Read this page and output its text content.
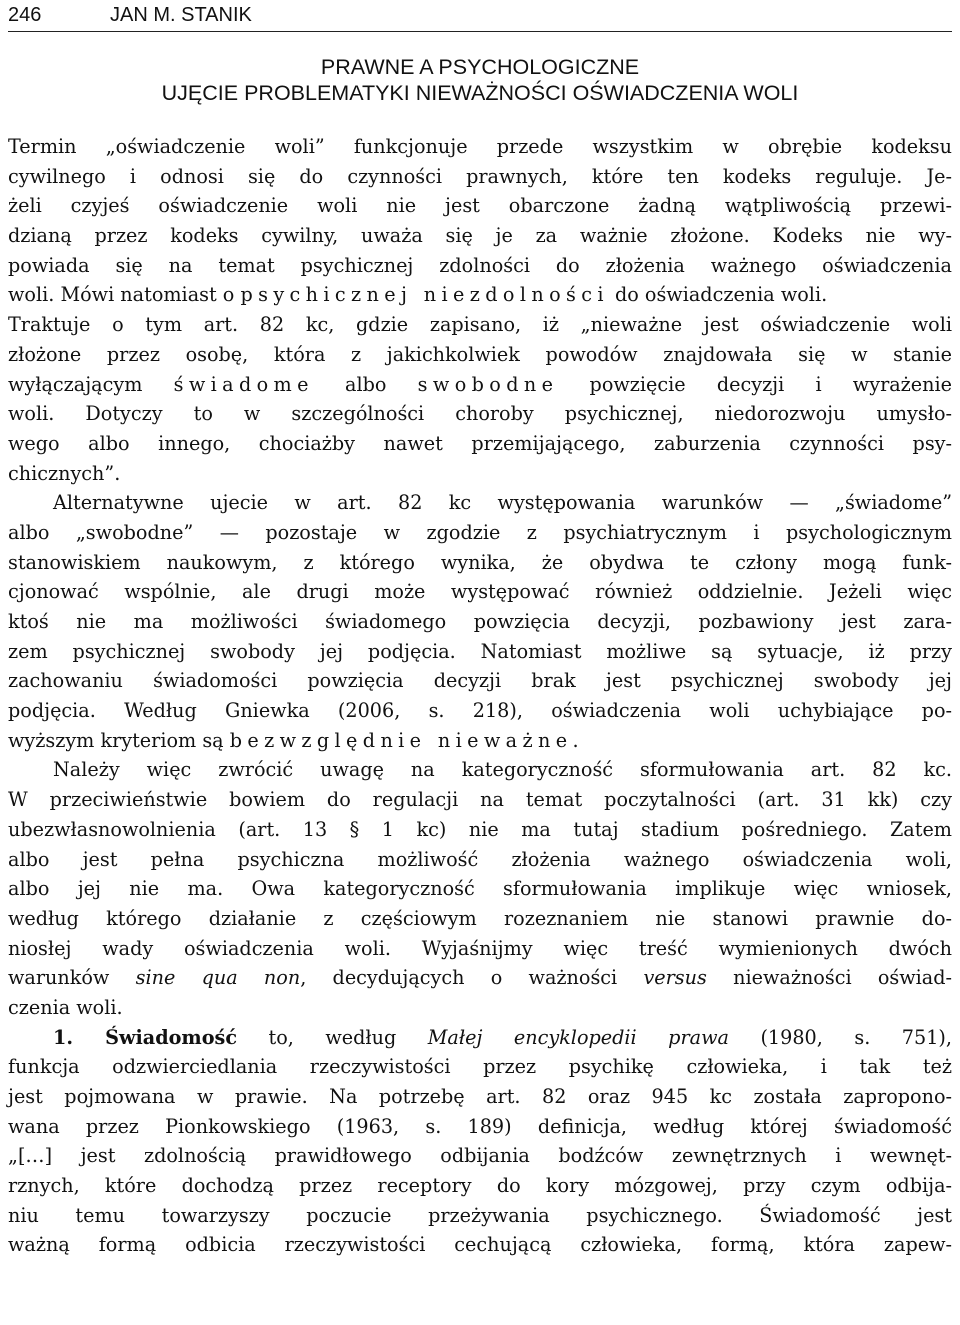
246	JAN M. STANIK
PRAWNE A PSYCHOLOGICZNE
UJĘCIE PROBLEMATYKI NIEWAŻNOŚCI OŚWIADCZENIA WOLI
Termin „oświadczenie woli” funkcjonuje przede wszystkim w obrębie kodeksu
cywilnego i odnosi się do czynności prawnych, które ten kodeks reguluje. Je-
żeli czyjeś oświadczenie woli nie jest obarczone żadną wątpliwością przewi-
dzianą przez kodeks cywilny, uważa się je za ważnie złożone. Kodeks nie wy-
powiada się na temat psychicznej zdolności do złożenia ważnego oświadczenia
woli. Mówi natomiast o psychicznej niezdolności do oświadczenia woli.
Traktuje o tym art. 82 kc, gdzie zapisano, iż „nieważne jest oświadczenie woli
złożone przez osobę, która z jakichkolwiek powodów znajdowała się w stanie
wyłączającym świadome albo swobodne powzięcie decyzji i wyrażenie
woli. Dotyczy to w szczególności choroby psychicznej, niedorozwoju umysło-
wego albo innego, chociażby nawet przemijającego, zaburzenia czynności psy-
chicznych”.
Alternatywne ujecie w art. 82 kc występowania warunków — „świadome”
albo „swobodne” — pozostaje w zgodzie z psychiatrycznym i psychologicznym
stanowiskiem naukowym, z którego wynika, że obydwa te człony mogą funk-
cjonować wspólnie, ale drugi może występować również oddzielnie. Jeżeli więc
ktoś nie ma możliwości świadomego powzięcia decyzji, pozbawiony jest zara-
zem psychicznej swobody jej podjęcia. Natomiast możliwe są sytuacje, iż przy
zachowaniu świadomości powzięcia decyzji brak jest psychicznej swobody jej
podjęcia. Według Gniewka (2006, s. 218), oświadczenia woli uchybiające po-
wyższym kryteriom są bezwzględnie nieważne.
Należy więc zwrócić uwagę na kategoryczność sformułowania art. 82 kc.
W przeciwieństwie bowiem do regulacji na temat poczytalności (art. 31 kk) czy
ubezwłasnowolnienia (art. 13 § 1 kc) nie ma tutaj stadium pośredniego. Zatem
albo jest pełna psychiczna możliwość złożenia ważnego oświadczenia woli,
albo jej nie ma. Owa kategoryczność sformułowania implikuje więc wniosek,
według którego działanie z częściowym rozeznaniem nie stanowi prawnie do-
niosłej wady oświadczenia woli. Wyjaśnijmy więc treść wymienionych dwóch
warunków sine qua non, decydujących o ważności versus nieważności oświad-
czenia woli.
1. Świadomość to, według Małej encyklopedii prawa (1980, s. 751),
funkcja odzwierciedlania rzeczywistości przez psychikę człowieka, i tak też
jest pojmowana w prawie. Na potrzebę art. 82 oraz 945 kc została zapropono-
wana przez Pionkowskiego (1963, s. 189) definicja, według której świadomość
„[…] jest zdolnością prawidłowego odbijania bodźców zewnętrznych i wewnęt-
rznych, które dochodzą przez receptory do kory mózgowej, przy czym odbija-
niu temu towarzyszy poczucie przeżywania psychicznego. Świadomość jest
ważną formą odbicia rzeczywistości cechującą człowieka, formą, która zapew-
